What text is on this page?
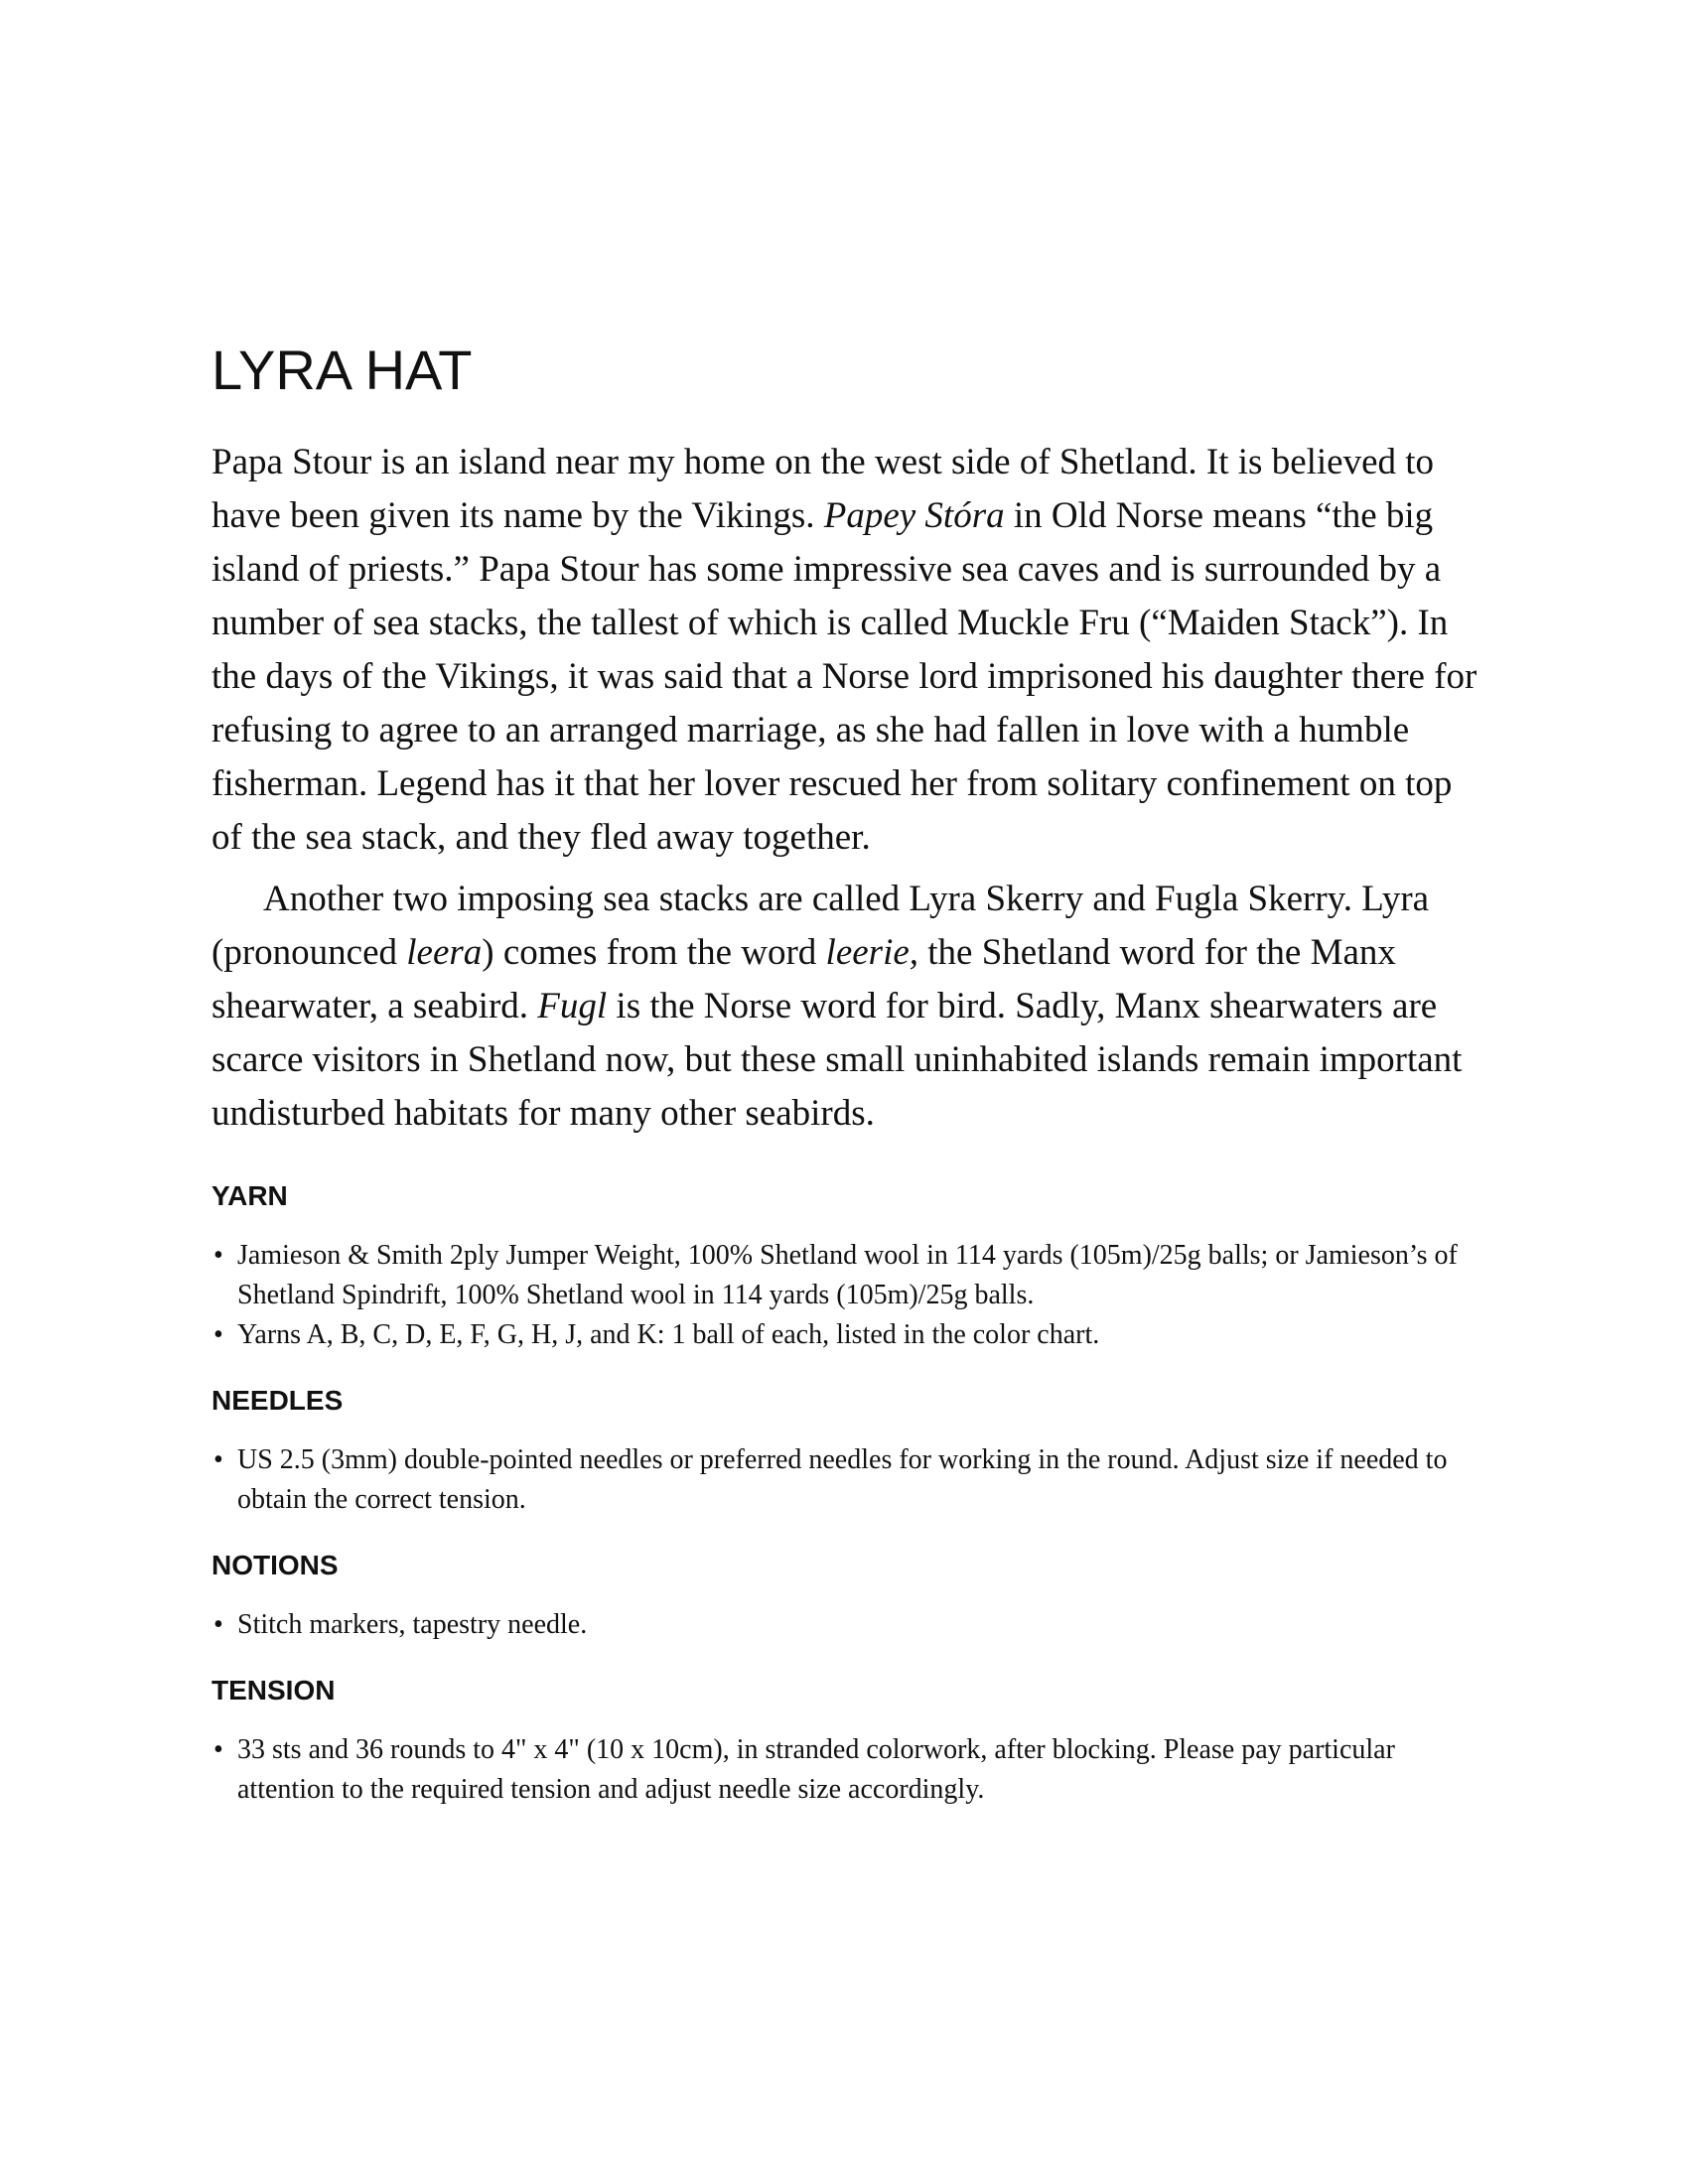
LYRA HAT

Papa Stour is an island near my home on the west side of Shetland. It is believed to have been given its name by the Vikings. Papey Stóra in Old Norse means “the big island of priests.” Papa Stour has some impressive sea caves and is surrounded by a number of sea stacks, the tallest of which is called Muckle Fru (“Maiden Stack”). In the days of the Vikings, it was said that a Norse lord imprisoned his daughter there for refusing to agree to an arranged marriage, as she had fallen in love with a humble fisherman. Legend has it that her lover rescued her from solitary confinement on top of the sea stack, and they fled away together.

Another two imposing sea stacks are called Lyra Skerry and Fugla Skerry. Lyra (pronounced leera) comes from the word leerie, the Shetland word for the Manx shearwater, a seabird. Fugl is the Norse word for bird. Sadly, Manx shearwaters are scarce visitors in Shetland now, but these small uninhabited islands remain important undisturbed habitats for many other seabirds.

YARN
• Jamieson & Smith 2ply Jumper Weight, 100% Shetland wool in 114 yards (105m)/25g balls; or Jamieson’s of Shetland Spindrift, 100% Shetland wool in 114 yards (105m)/25g balls.
• Yarns A, B, C, D, E, F, G, H, J, and K: 1 ball of each, listed in the color chart.
NEEDLES
• US 2.5 (3mm) double-pointed needles or preferred needles for working in the round. Adjust size if needed to obtain the correct tension.
NOTIONS
• Stitch markers, tapestry needle.
TENSION
• 33 sts and 36 rounds to 4" x 4" (10 x 10cm), in stranded colorwork, after blocking. Please pay particular attention to the required tension and adjust needle size accordingly.
